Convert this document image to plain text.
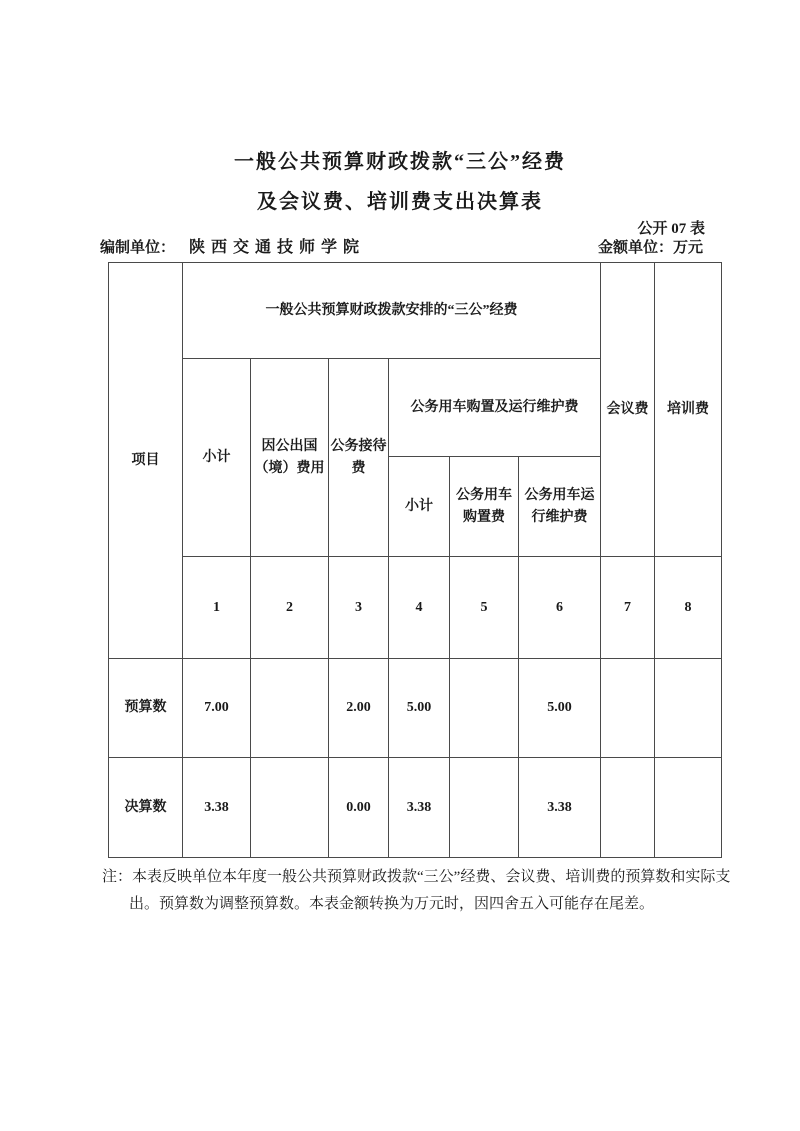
一般公共预算财政拨款“三公”经费
及会议费、培训费支出决算表
公开 07 表
编制单位： 陕西交通技师学院	金额单位：万元
项目	一般公共预算财政拨款安排的“三公”经费						会议费	培训费
	小计	因公出国（境）费用	公务接待费	公务用车购置及运行维护费				
				小计	公务用车购置费	公务用车运行维护费		
	1	2	3	4	5	6	7	8
预算数	7.00		2.00	5.00		5.00		
决算数	3.38		0.00	3.38		3.38		
注：本表反映单位本年度一般公共预算财政拨款“三公”经费、会议费、培训费的预算数和实际支
出。预算数为调整预算数。本表金额转换为万元时，因四舍五入可能存在尾差。
